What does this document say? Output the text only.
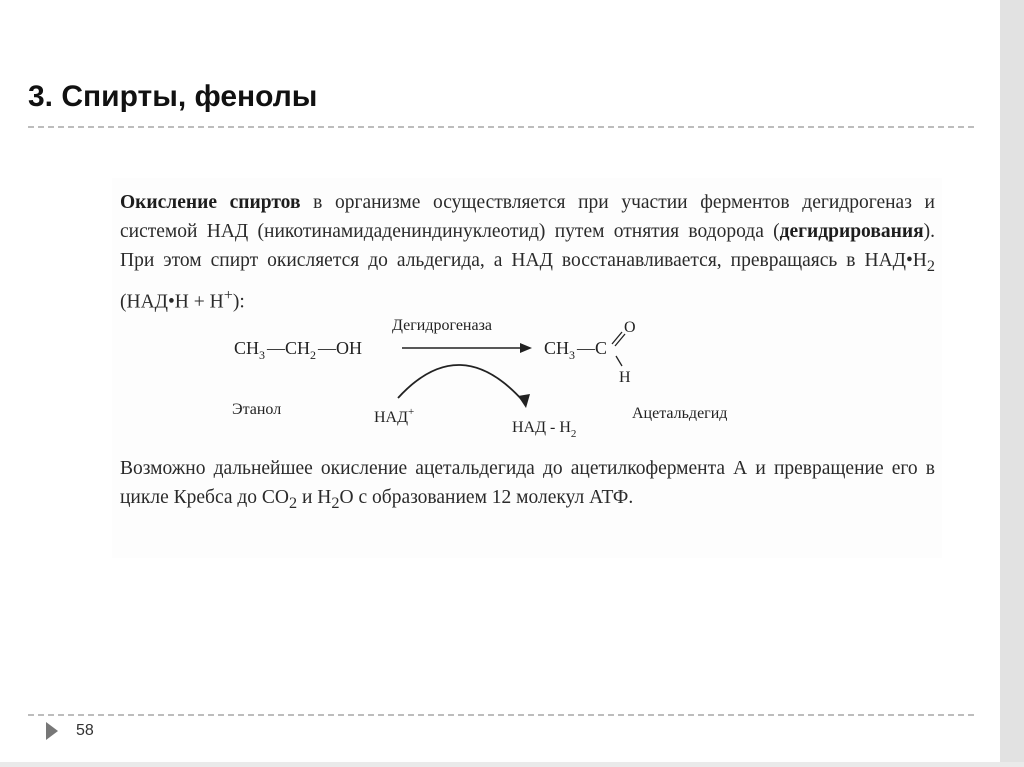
3. Спирты, фенолы

Окисление спиртов в организме осуществляется при участии ферментов дегидрогеназ и системой НАД (никотинамидадениндинуклеотид) путем отнятия водорода (дегидрирования). При этом спирт окисляется до альдегида, а НАД восстанавливается, превращаясь в $НАД•Н_2$ (НАД•Н + Н+):

Дегидрогеназа
$CH_3$ $—CH_2$ —OH	$CH_3$ —C
O
H
Этанол	Ацетальдегид
НАД+
НАД - $Н_2$

Возможно дальнейшее окисление ацетальдегида до ацетилкофермента А и превращение его в цикле Кребса до $СО_2$ и $Н_2О$ с образованием 12 молекул АТФ.

58
